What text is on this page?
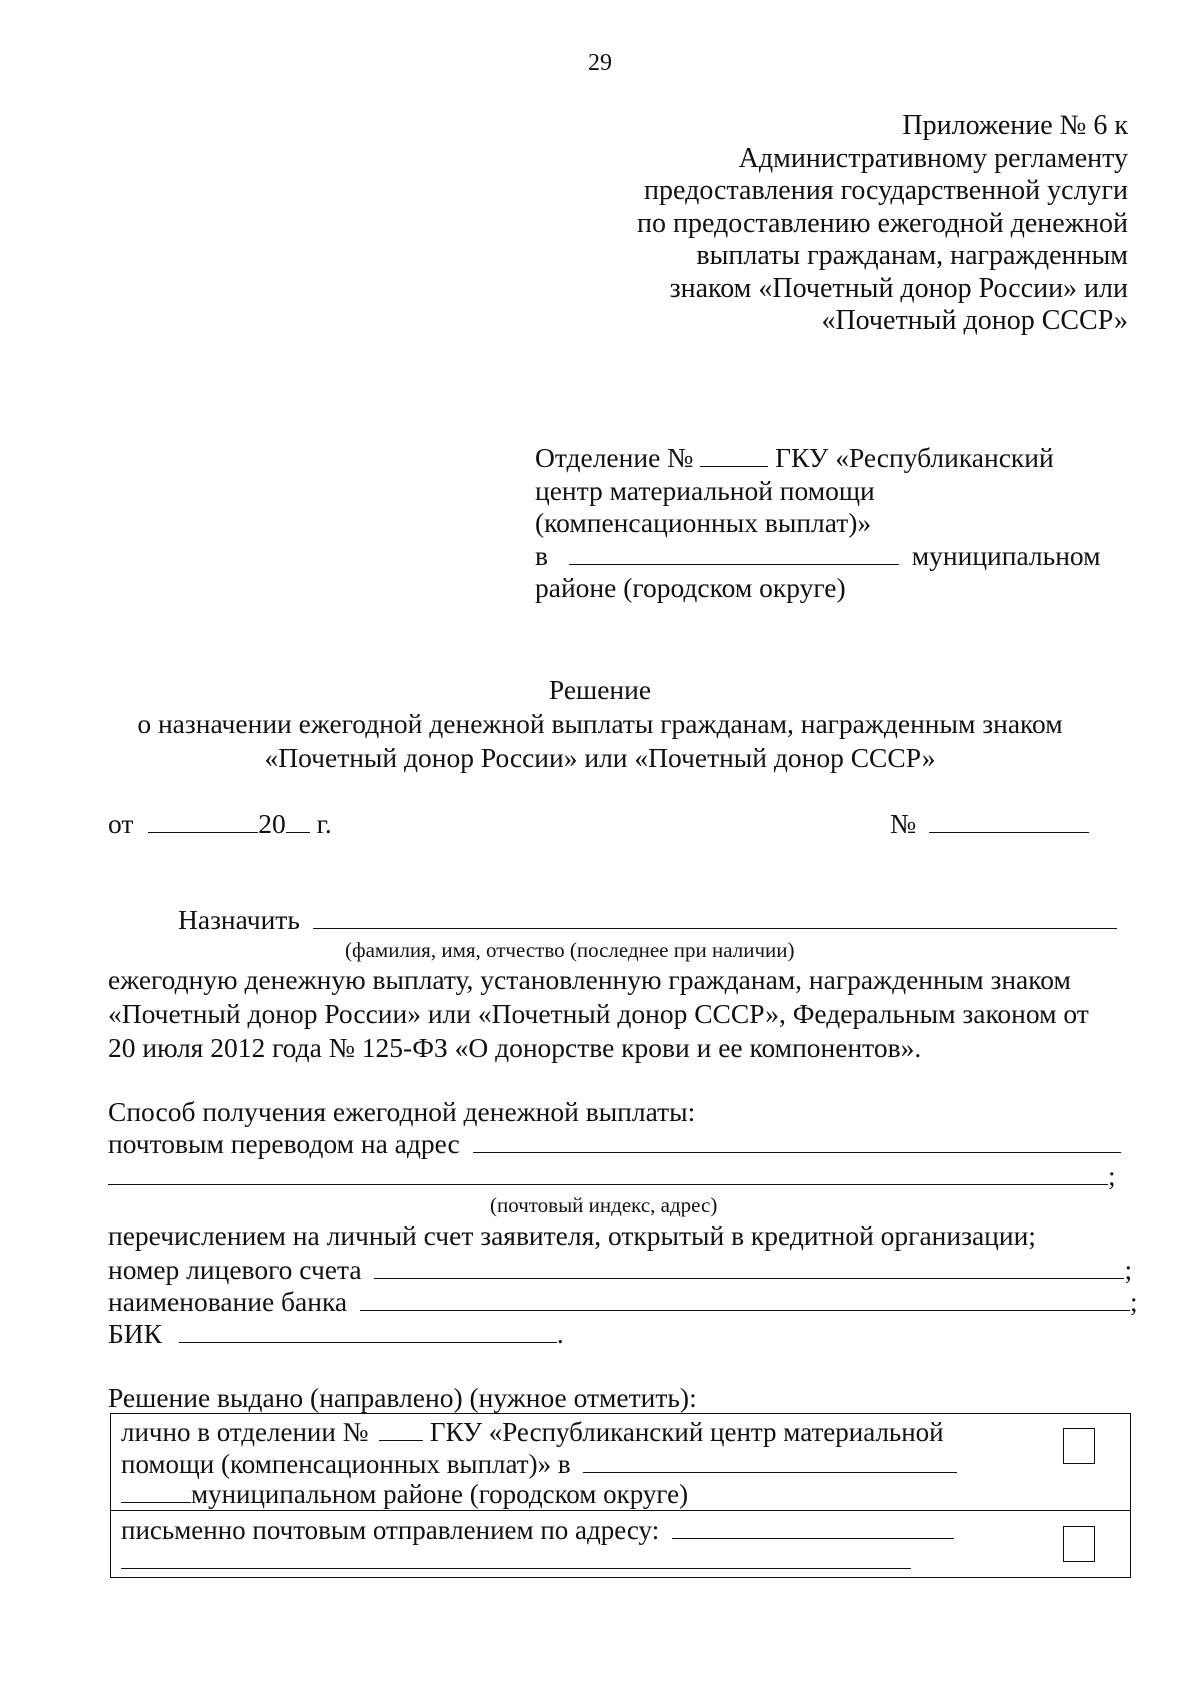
29
Приложение № 6 к
Административному регламенту
предоставления государственной услуги
по предоставлению ежегодной денежной
выплаты гражданам, награжденным
знаком «Почетный донор России» или
«Почетный донор СССР»
Отделение №	ГКУ «Республиканский
центр материальной помощи
(компенсационных выплат)»
в	муниципальном
районе (городском округе)
Решение
о назначении ежегодной денежной выплаты гражданам, награжденным знаком
«Почетный донор России» или «Почетный донор СССР»
от	20 г.	№
Назначить
(фамилия, имя, отчество (последнее при наличии)
ежегодную денежную выплату, установленную гражданам, награжденным знаком
«Почетный донор России» или «Почетный донор СССР», Федеральным законом от
20 июля 2012 года № 125-ФЗ «О донорстве крови и ее компонентов».
Способ получения ежегодной денежной выплаты:
почтовым переводом на адрес
;
(почтовый индекс, адрес)
перечислением на личный счет заявителя, открытый в кредитной организации;
номер лицевого счета	;
наименование банка	;
БИК	.
Решение выдано (направлено) (нужное отметить):
лично в отделении № ГКУ «Республиканский центр материальной
помощи (компенсационных выплат)» в
муниципальном районе (городском округе)
письменно почтовым отправлением по адресу:
